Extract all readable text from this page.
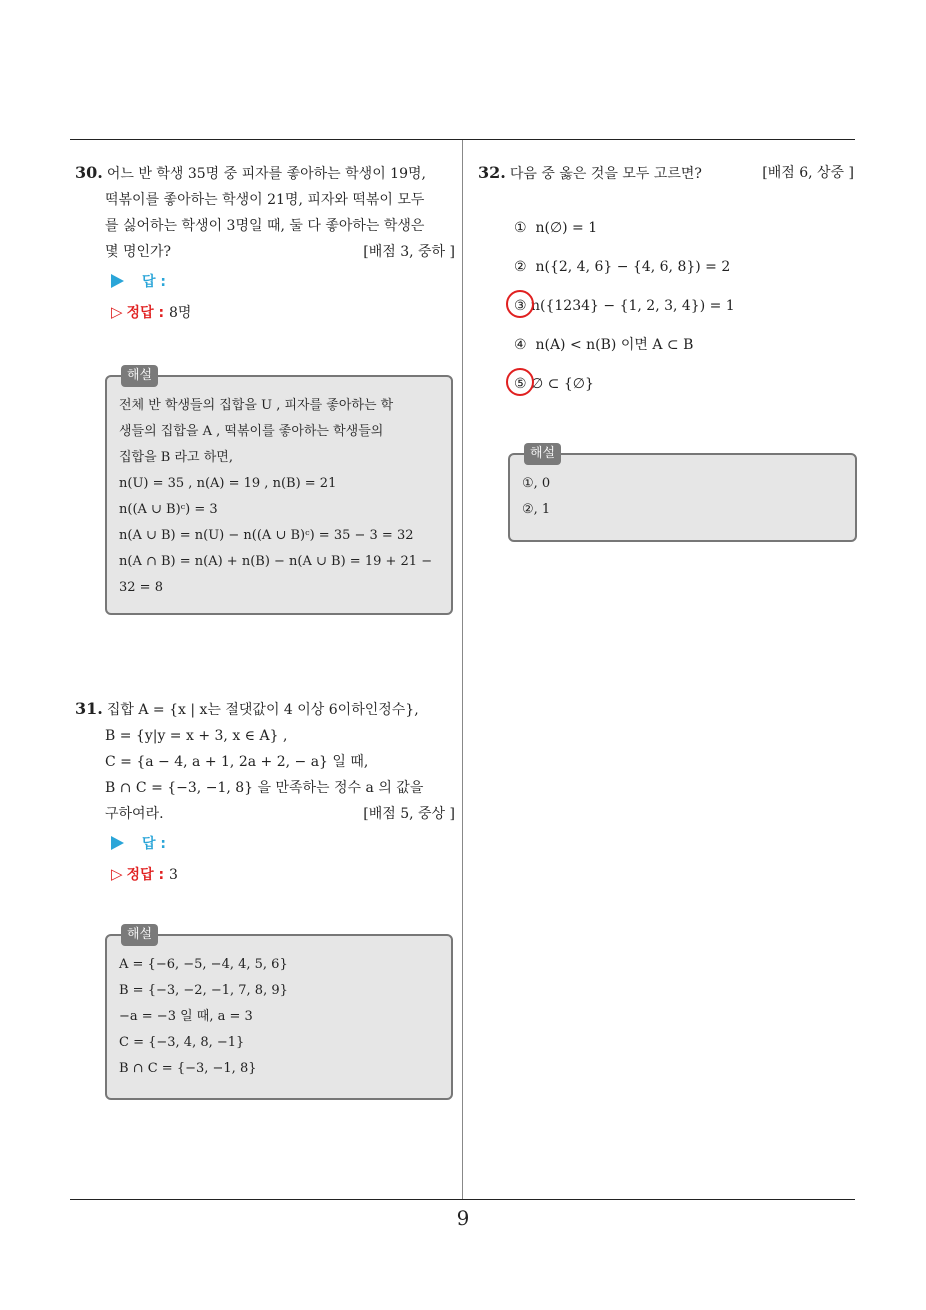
30. 어느 반 학생 35명 중 피자를 좋아하는 학생이 19명,
떡볶이를 좋아하는 학생이 21명, 피자와 떡볶이 모두
를 싫어하는 학생이 3명일 때, 둘 다 좋아하는 학생은
몇 명인가?	[배점 3, 중하 ]
답 :
▷ 정답 : 8명
해설
전체 반 학생들의 집합을 U , 피자를 좋아하는 학
생들의 집합을 A , 떡볶이를 좋아하는 학생들의
집합을 B 라고 하면,
n(U) = 35 , n(A) = 19 , n(B) = 21
n((A ∪ B)ᶜ) = 3
n(A ∪ B) = n(U) − n((A ∪ B)ᶜ) = 35 − 3 = 32
n(A ∩ B) = n(A) + n(B) − n(A ∪ B) = 19 + 21 −
32 = 8
31. 집합 A = {x | x는 절댓값이 4 이상 6이하인정수},
B = {y|y = x + 3, x ∈ A} ,
C = {a − 4, a + 1, 2a + 2, − a} 일 때,
B ∩ C = {−3, −1, 8} 을 만족하는 정수 a 의 값을
구하여라.	[배점 5, 중상 ]
답 :
▷ 정답 : 3
해설
A = {−6, −5, −4, 4, 5, 6}
B = {−3, −2, −1, 7, 8, 9}
−a = −3 일 때, a = 3
C = {−3, 4, 8, −1}
B ∩ C = {−3, −1, 8}
32. 다음 중 옳은 것을 모두 고르면?	[배점 6, 상중 ]
① n(∅) = 1
② n({2, 4, 6} − {4, 6, 8}) = 2
③ n({1234} − {1, 2, 3, 4}) = 1
④ n(A) < n(B) 이면 A ⊂ B
⑤ ∅ ⊂ {∅}
해설
①, 0
②, 1
9
